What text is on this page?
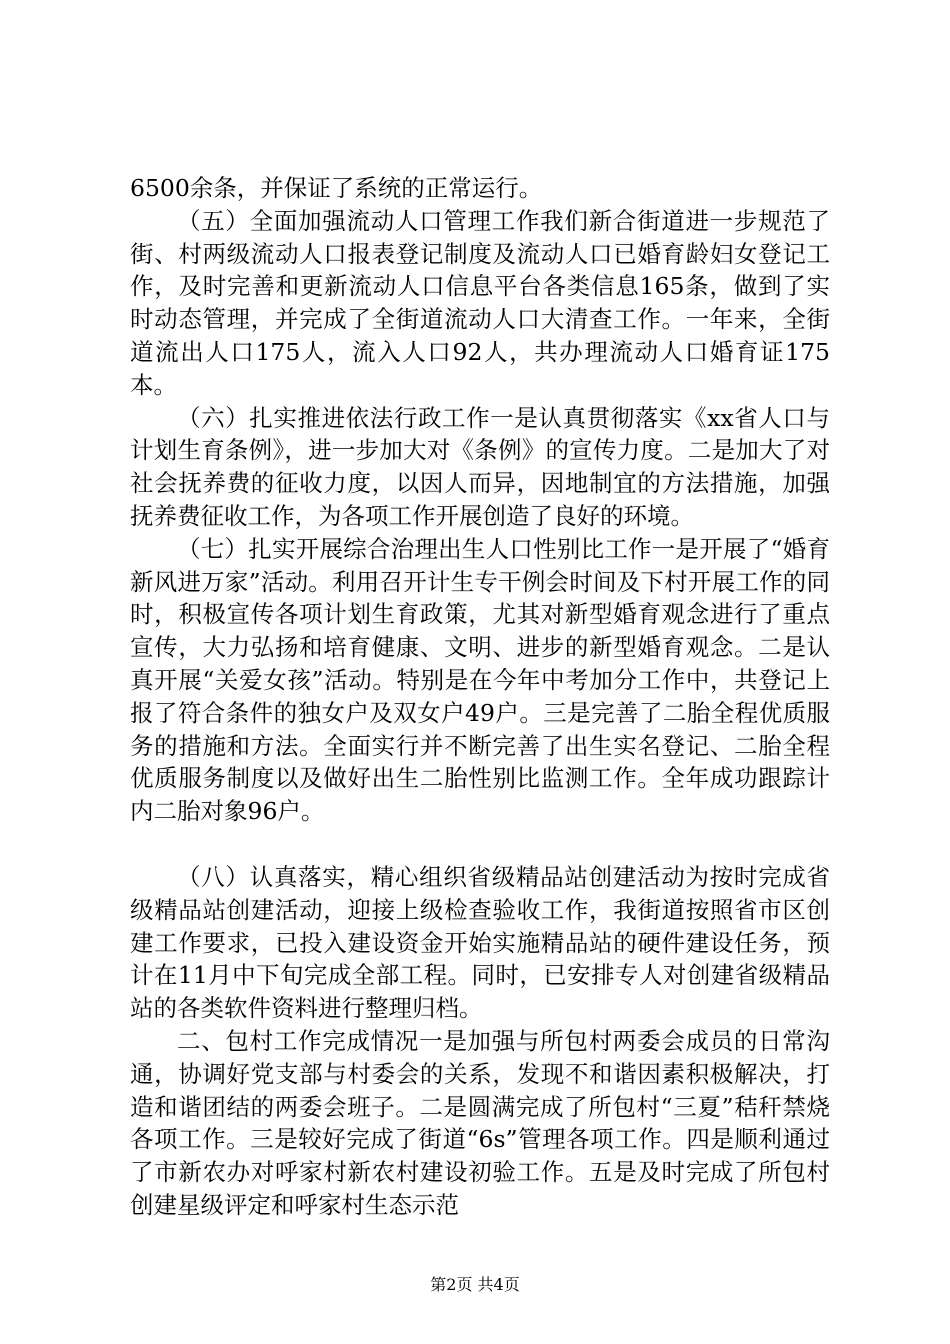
6500余条，并保证了系统的正常运行。

（五）全面加强流动人口管理工作我们新合街道进一步规范了街、村两级流动人口报表登记制度及流动人口已婚育龄妇女登记工作，及时完善和更新流动人口信息平台各类信息165条，做到了实时动态管理，并完成了全街道流动人口大清查工作。一年来，全街道流出人口175人，流入人口92人，共办理流动人口婚育证175本。

（六）扎实推进依法行政工作一是认真贯彻落实《xx省人口与计划生育条例》，进一步加大对《条例》的宣传力度。二是加大了对社会抚养费的征收力度，以因人而异，因地制宜的方法措施，加强抚养费征收工作，为各项工作开展创造了良好的环境。

（七）扎实开展综合治理出生人口性别比工作一是开展了“婚育新风进万家”活动。利用召开计生专干例会时间及下村开展工作的同时，积极宣传各项计划生育政策，尤其对新型婚育观念进行了重点宣传，大力弘扬和培育健康、文明、进步的新型婚育观念。二是认真开展“关爱女孩”活动。特别是在今年中考加分工作中，共登记上报了符合条件的独女户及双女户49户。三是完善了二胎全程优质服务的措施和方法。全面实行并不断完善了出生实名登记、二胎全程优质服务制度以及做好出生二胎性别比监测工作。全年成功跟踪计内二胎对象96户。

（八）认真落实，精心组织省级精品站创建活动为按时完成省级精品站创建活动，迎接上级检查验收工作，我街道按照省市区创建工作要求，已投入建设资金开始实施精品站的硬件建设任务，预计在11月中下旬完成全部工程。同时，已安排专人对创建省级精品站的各类软件资料进行整理归档。

二、包村工作完成情况一是加强与所包村两委会成员的日常沟通，协调好党支部与村委会的关系，发现不和谐因素积极解决，打造和谐团结的两委会班子。二是圆满完成了所包村“三夏”秸秆禁烧各项工作。三是较好完成了街道“6s”管理各项工作。四是顺利通过了市新农办对呼家村新农村建设初验工作。五是及时完成了所包村创建星级评定和呼家村生态示范

第2页 共4页
